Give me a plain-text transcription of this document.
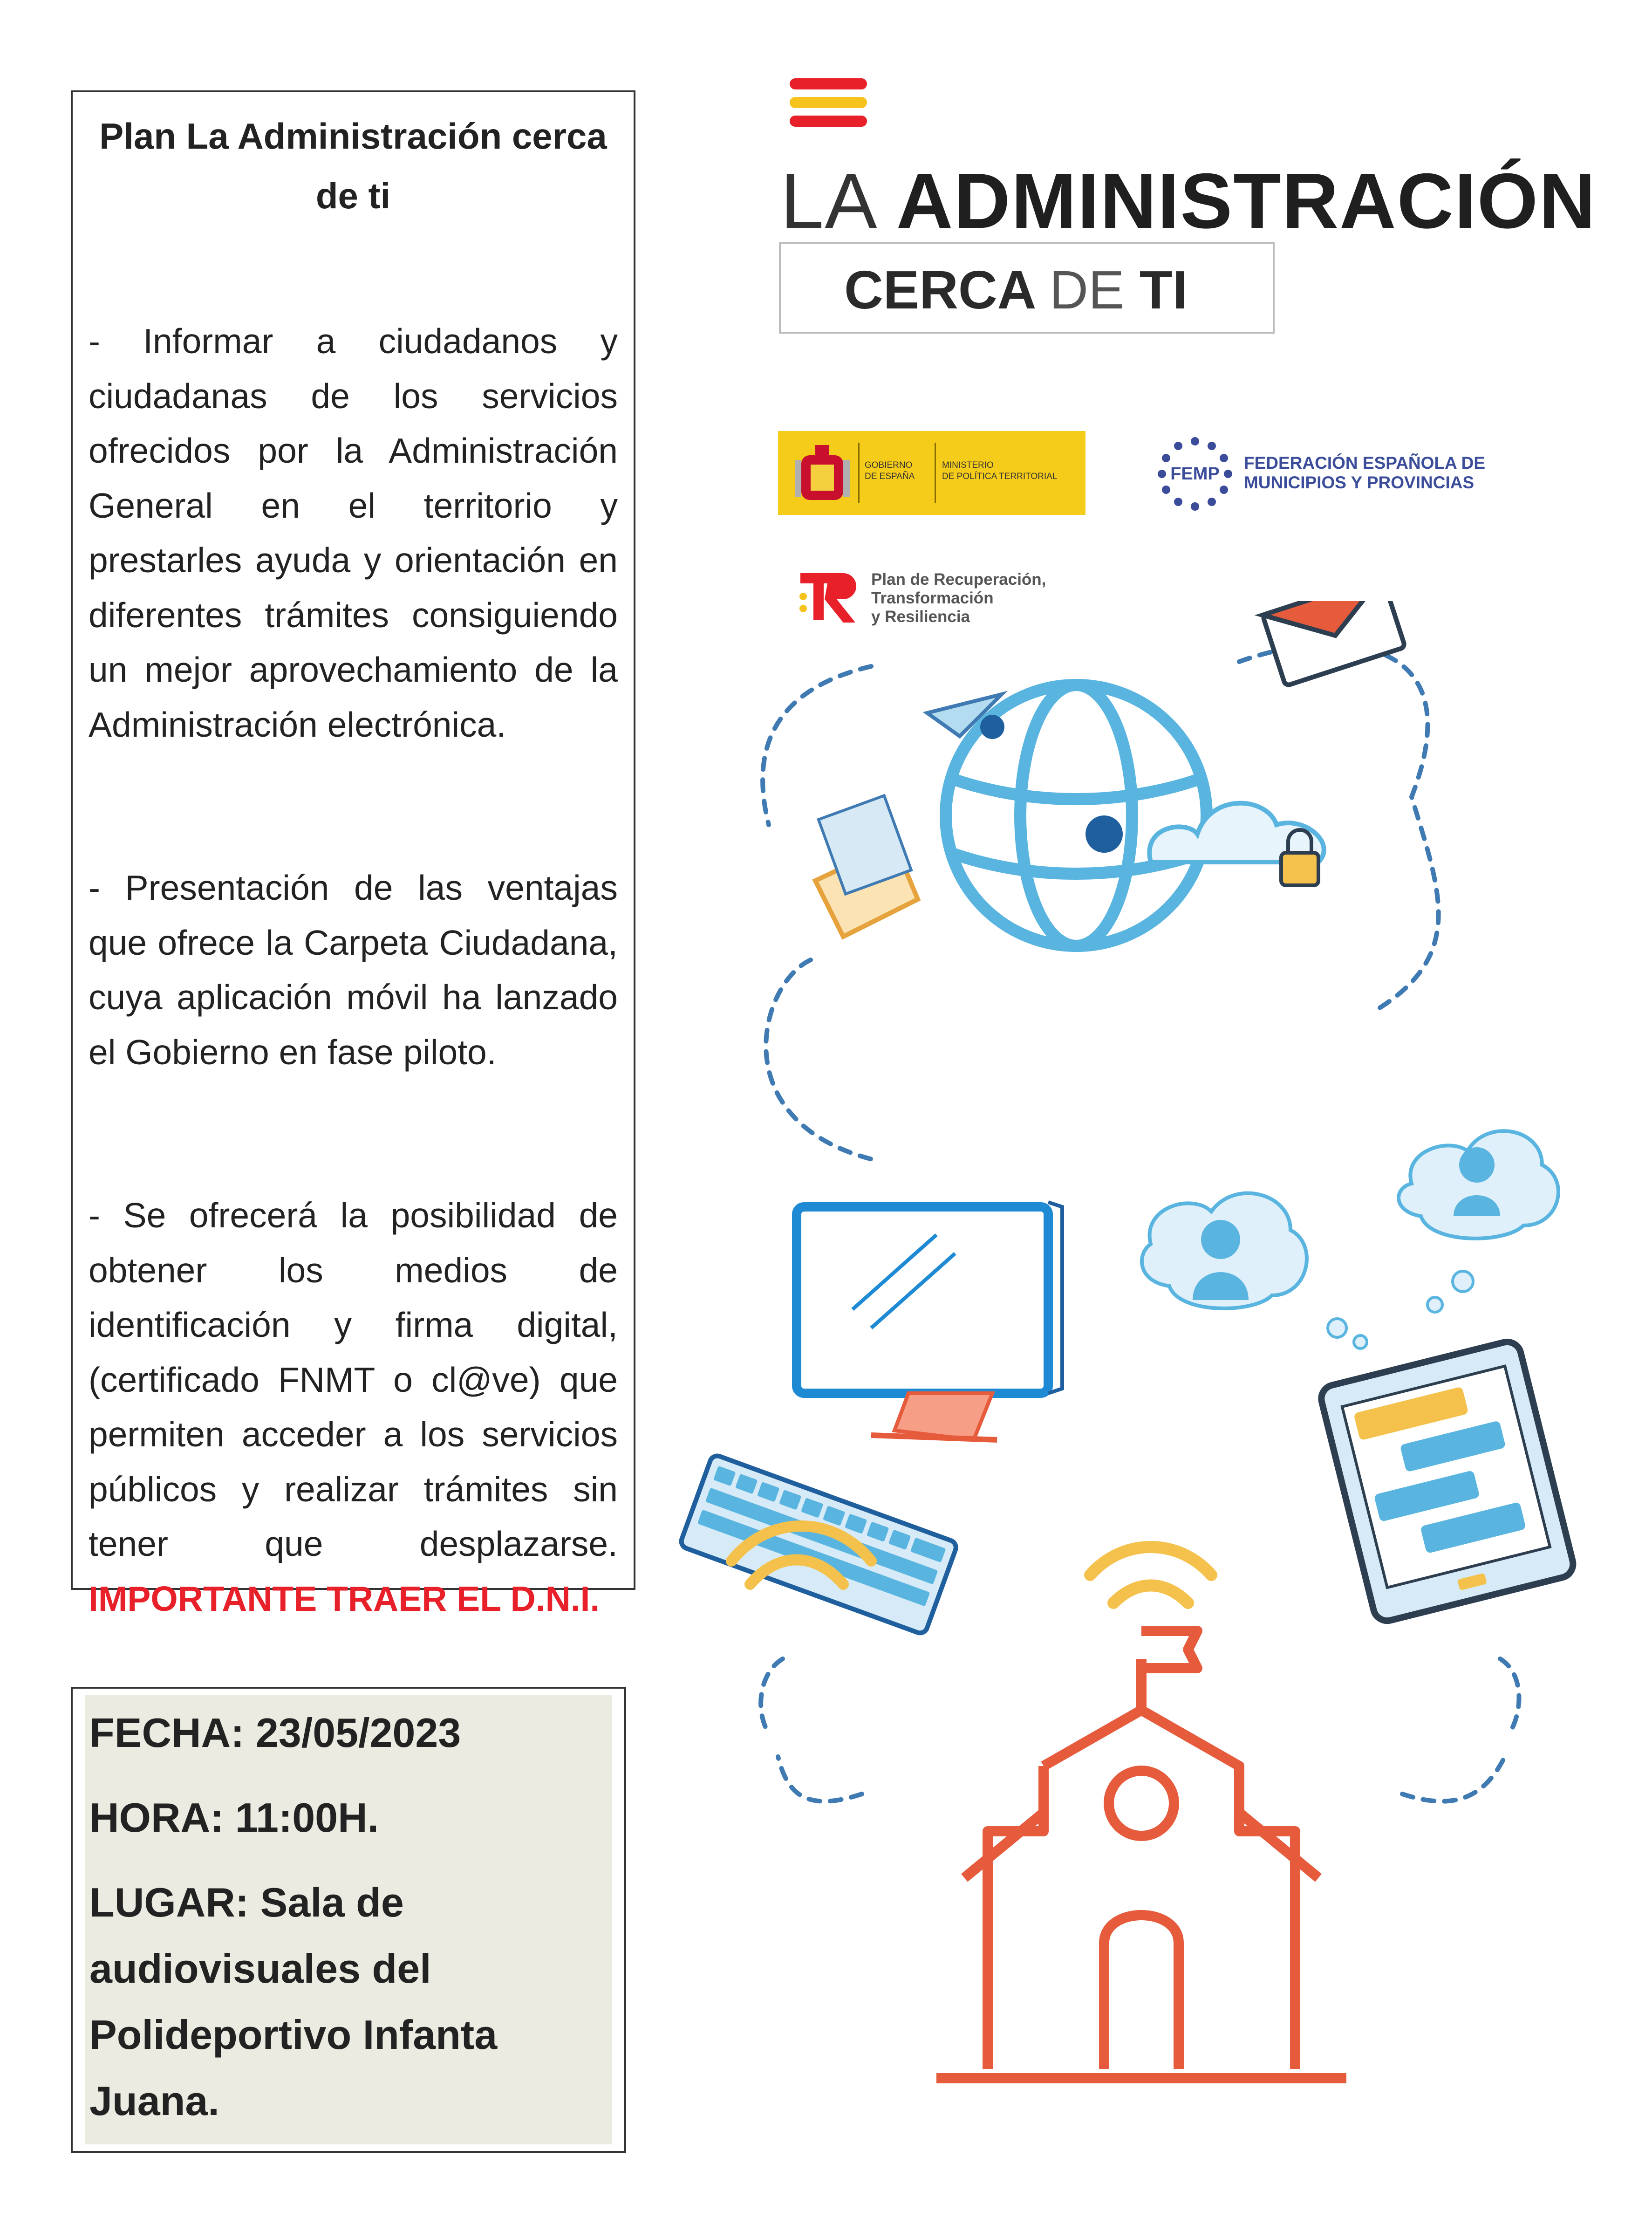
Plan La Administración cerca de ti

- Informar a ciudadanos y ciudadanas de los servicios ofrecidos por la Administración General en el territorio y prestarles ayuda y orientación en diferentes trámites consiguiendo un mejor aprovechamiento de la Administración electrónica.

- Presentación de las ventajas que ofrece la Carpeta Ciudadana, cuya aplicación móvil ha lanzado el Gobierno en fase piloto.

- Se ofrecerá la posibilidad de obtener los medios de identificación y firma digital, (certificado FNMT o cl@ve) que permiten acceder a los servicios públicos y realizar trámites sin tener que desplazarse. IMPORTANTE TRAER EL D.N.I.

FECHA: 23/05/2023

HORA: 11:00H.

LUGAR: Sala de audiovisuales del Polideportivo Infanta Juana.

LA ADMINISTRACIÓN
CERCA DE TI
GOBIERNO
DE ESPAÑA
MINISTERIO
DE POLÍTICA TERRITORIAL	FEMP
FEDERACIÓN ESPAÑOLA DE
MUNICIPIOS Y PROVINCIAS
Plan de Recuperación,
Transformación
y Resiliencia
